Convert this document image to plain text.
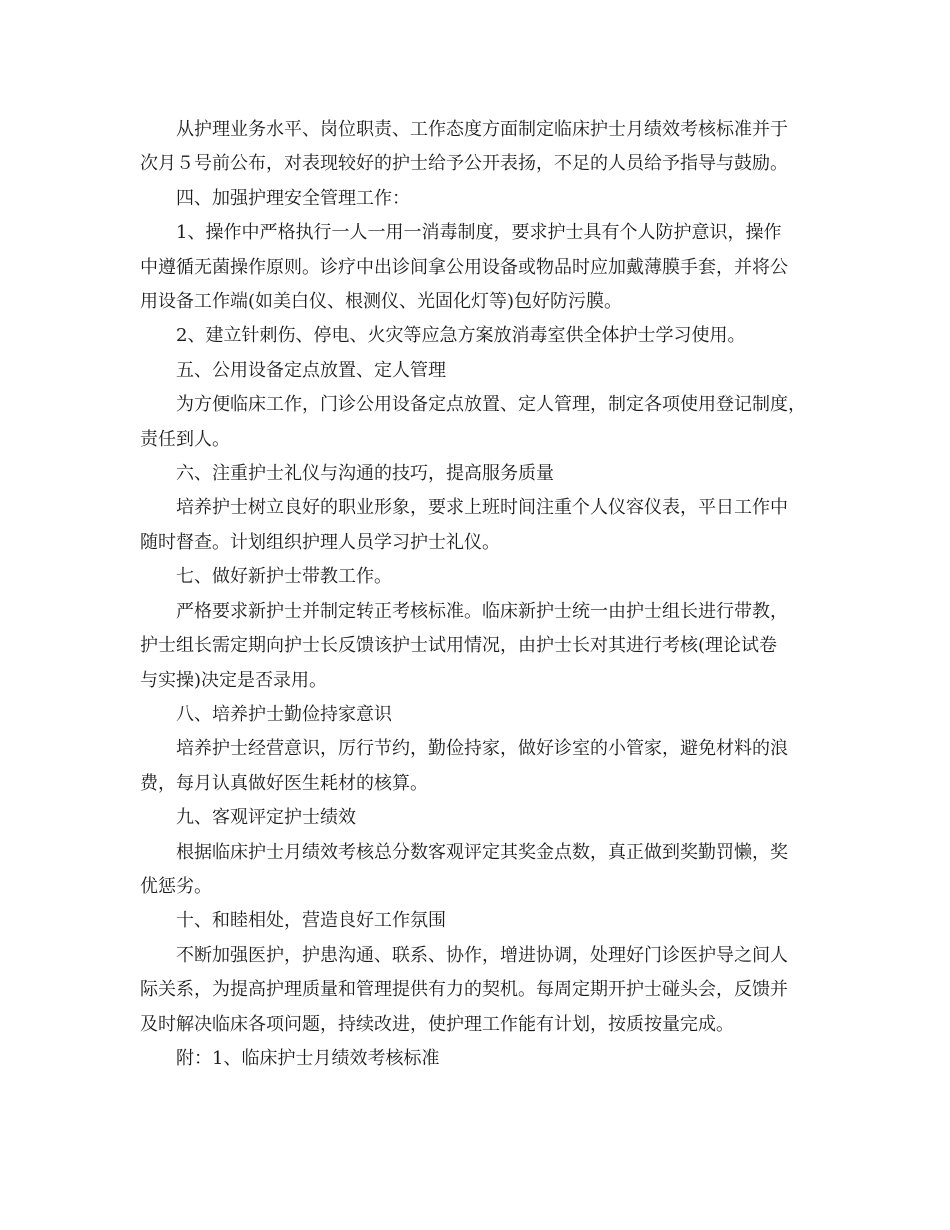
从护理业务水平、岗位职责、工作态度方面制定临床护士月绩效考核标准并于
次月５号前公布，对表现较好的护士给予公开表扬，不足的人员给予指导与鼓励。

四、加强护理安全管理工作：

1、操作中严格执行一人一用一消毒制度，要求护士具有个人防护意识，操作
中遵循无菌操作原则。诊疗中出诊间拿公用设备或物品时应加戴薄膜手套，并将公
用设备工作端(如美白仪、根测仪、光固化灯等)包好防污膜。

2、建立针刺伤、停电、火灾等应急方案放消毒室供全体护士学习使用。

五、公用设备定点放置、定人管理

为方便临床工作，门诊公用设备定点放置、定人管理，制定各项使用登记制度，
责任到人。

六、注重护士礼仪与沟通的技巧，提高服务质量

培养护士树立良好的职业形象，要求上班时间注重个人仪容仪表，平日工作中
随时督查。计划组织护理人员学习护士礼仪。

七、做好新护士带教工作。

严格要求新护士并制定转正考核标准。临床新护士统一由护士组长进行带教，
护士组长需定期向护士长反馈该护士试用情况，由护士长对其进行考核(理论试卷
与实操)决定是否录用。

八、培养护士勤俭持家意识

培养护士经营意识，厉行节约，勤俭持家，做好诊室的小管家，避免材料的浪
费，每月认真做好医生耗材的核算。

九、客观评定护士绩效

根据临床护士月绩效考核总分数客观评定其奖金点数，真正做到奖勤罚懒，奖
优惩劣。

十、和睦相处，营造良好工作氛围

不断加强医护，护患沟通、联系、协作，增进协调，处理好门诊医护导之间人
际关系，为提高护理质量和管理提供有力的契机。每周定期开护士碰头会，反馈并
及时解决临床各项问题，持续改进，使护理工作能有计划，按质按量完成。

附：1、临床护士月绩效考核标准
